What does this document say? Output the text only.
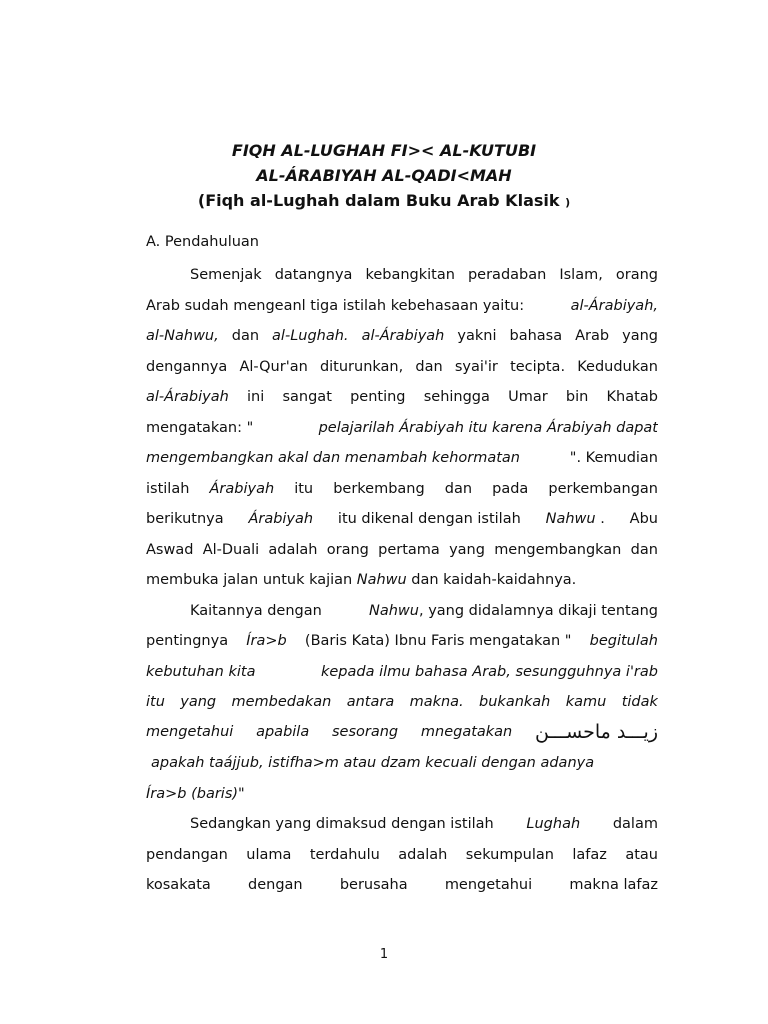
FIQH AL-LUGHAH FI>< AL-KUTUBI
AL-ÁRABIYAH AL-QADI<MAH
(Fiqh al-Lughah dalam Buku Arab Klasik )
A. Pendahuluan
Semenjak datangnya kebangkitan peradaban Islam, orang
Arab sudah mengeanl tiga istilah kebehasaan yaitu:	al-Árabiyah,
al-Nahwu, dan al-Lughah. al-Árabiyah yakni bahasa Arab yang
dengannya Al-Qur'an diturunkan, dan syai'ir tecipta. Kedudukan
al-Árabiyah ini sangat penting sehingga Umar bin Khatab
mengatakan: "	pelajarilah Árabiyah itu karena Árabiyah dapat
mengembangkan akal dan menambah kehormatan	". Kemudian
istilah Árabiyah itu berkembang dan pada perkembangan
berikutnya Árabiyah itu dikenal dengan istilah Nahwu . Abu
Aswad Al-Duali adalah orang pertama yang mengembangkan dan
membuka jalan untuk kajian Nahwu dan kaidah-kaidahnya.
Kaitannya dengan	Nahwu, yang didalamnya dikaji tentang
pentingnya Íra>b (Baris Kata) Ibnu Faris mengatakan " begitulah
kebutuhan kita	kepada ilmu bahasa Arab, sesungguhnya i'rab
itu yang membedakan antara makna. bukankah kamu tidak
mengetahui apabila sesorang mnegatakan زيـــد ماحســـن
apakah taájjub, istifha>m atau dzam kecuali dengan adanya
Íra>b (baris)"
Sedangkan yang dimaksud dengan istilah Lughah dalam
pendangan ulama terdahulu adalah sekumpulan lafaz atau
kosakata	dengan	berusaha	mengetahui	makna lafaz
1
